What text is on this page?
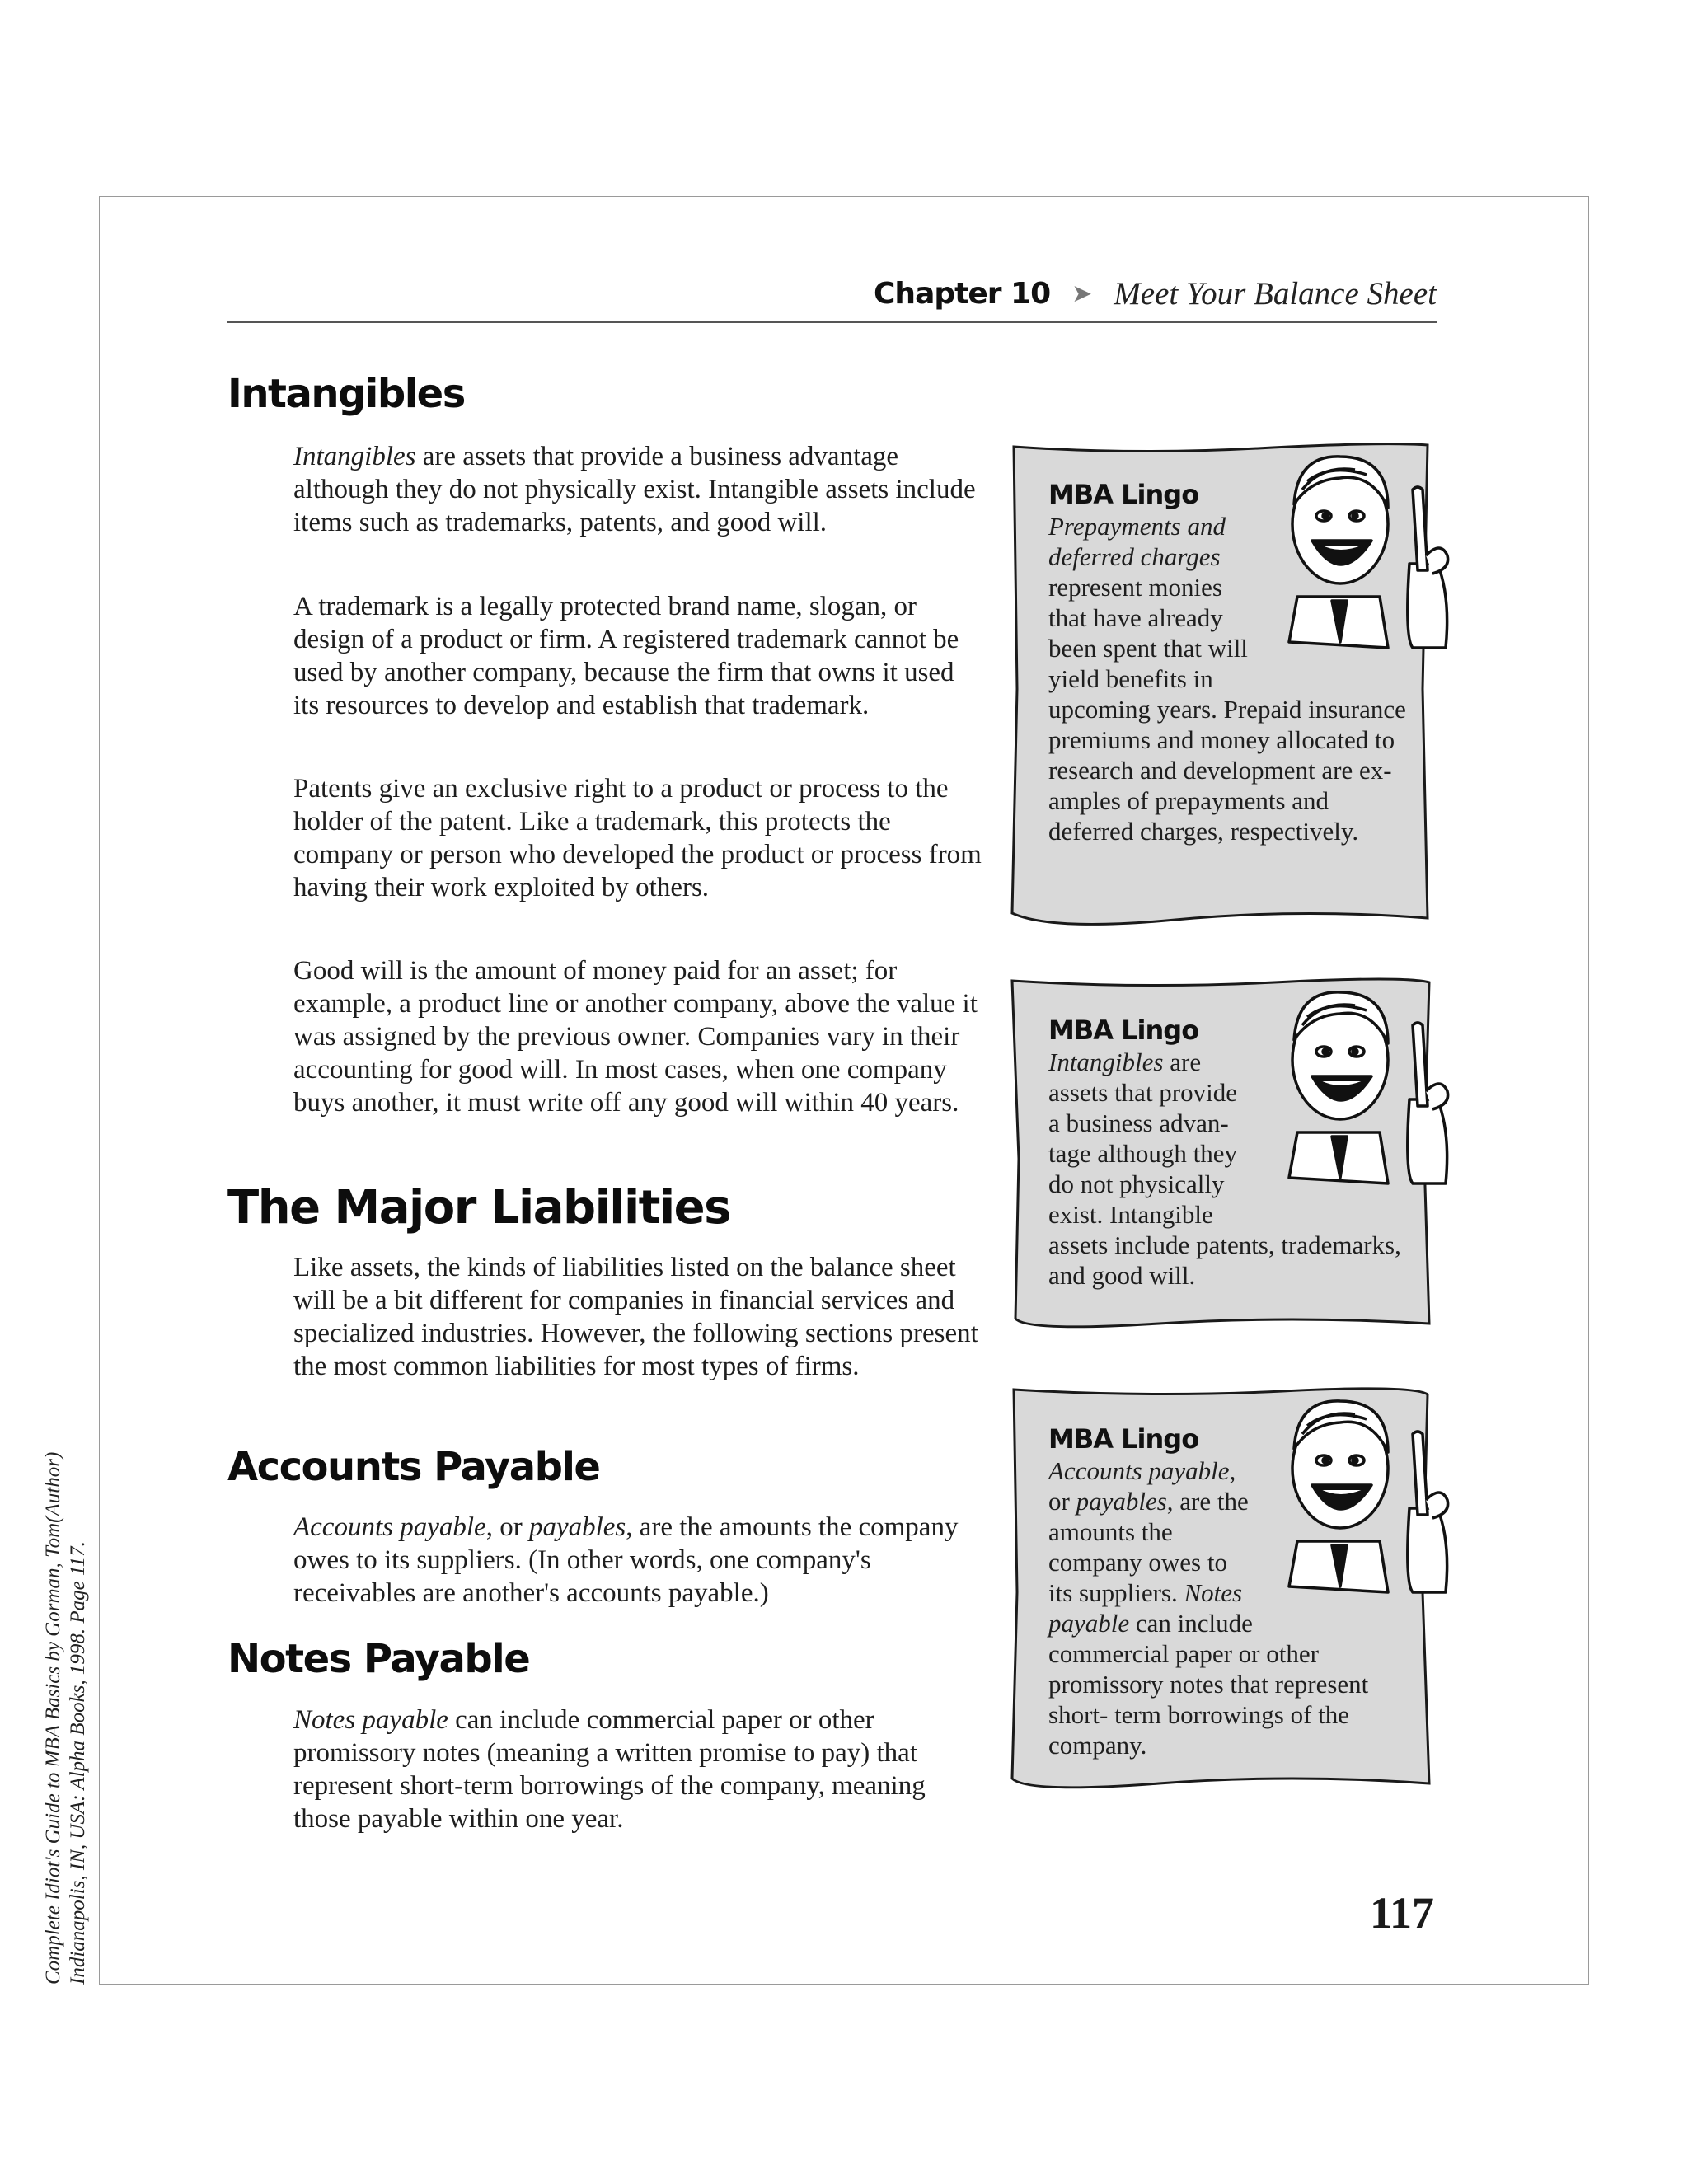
Complete Idiot's Guide to MBA Basics by Gorman, Tom(Author) Indianapolis, IN, USA: Alpha Books, 1998. Page 117.
Chapter 10 ➤ Meet Your Balance Sheet
Intangibles

Intangibles are assets that provide a business advantage although they do not physically exist. Intangible assets include items such as trademarks, patents, and good will.

A trademark is a legally protected brand name, slogan, or design of a product or firm. A registered trademark cannot be used by another company, because the firm that owns it used its resources to develop and establish that trademark.

Patents give an exclusive right to a product or process to the holder of the patent. Like a trademark, this protects the company or person who developed the product or process from having their work exploited by others.

Good will is the amount of money paid for an asset; for example, a product line or another company, above the value it was assigned by the previous owner. Companies vary in their accounting for good will. In most cases, when one company buys another, it must write off any good will within 40 years.

The Major Liabilities

Like assets, the kinds of liabilities listed on the balance sheet will be a bit different for companies in financial services and specialized industries. However, the following sections present the most common liabilities for most types of firms.

Accounts Payable

Accounts payable, or payables, are the amounts the company owes to its suppliers. (In other words, one company's receivables are another's accounts payable.)

Notes Payable

Notes payable can include commercial paper or other promissory notes (meaning a written promise to pay) that represent short-term borrowings of the company, meaning those payable within one year.

MBA Lingo
Prepayments and deferred charges represent monies that have already been spent that will yield benefits in upcoming years. Prepaid insurance premiums and money allocated to research and development are ex- amples of prepayments and deferred charges, respectively.
MBA Lingo
Intangibles are assets that provide a business advan- tage although they do not physically exist. Intangible assets include patents, trademarks, and good will.
MBA Lingo
Accounts payable, or payables, are the amounts the company owes to its suppliers. Notes payable can include commercial paper or other promissory notes that represent short- term borrowings of the company.
117
